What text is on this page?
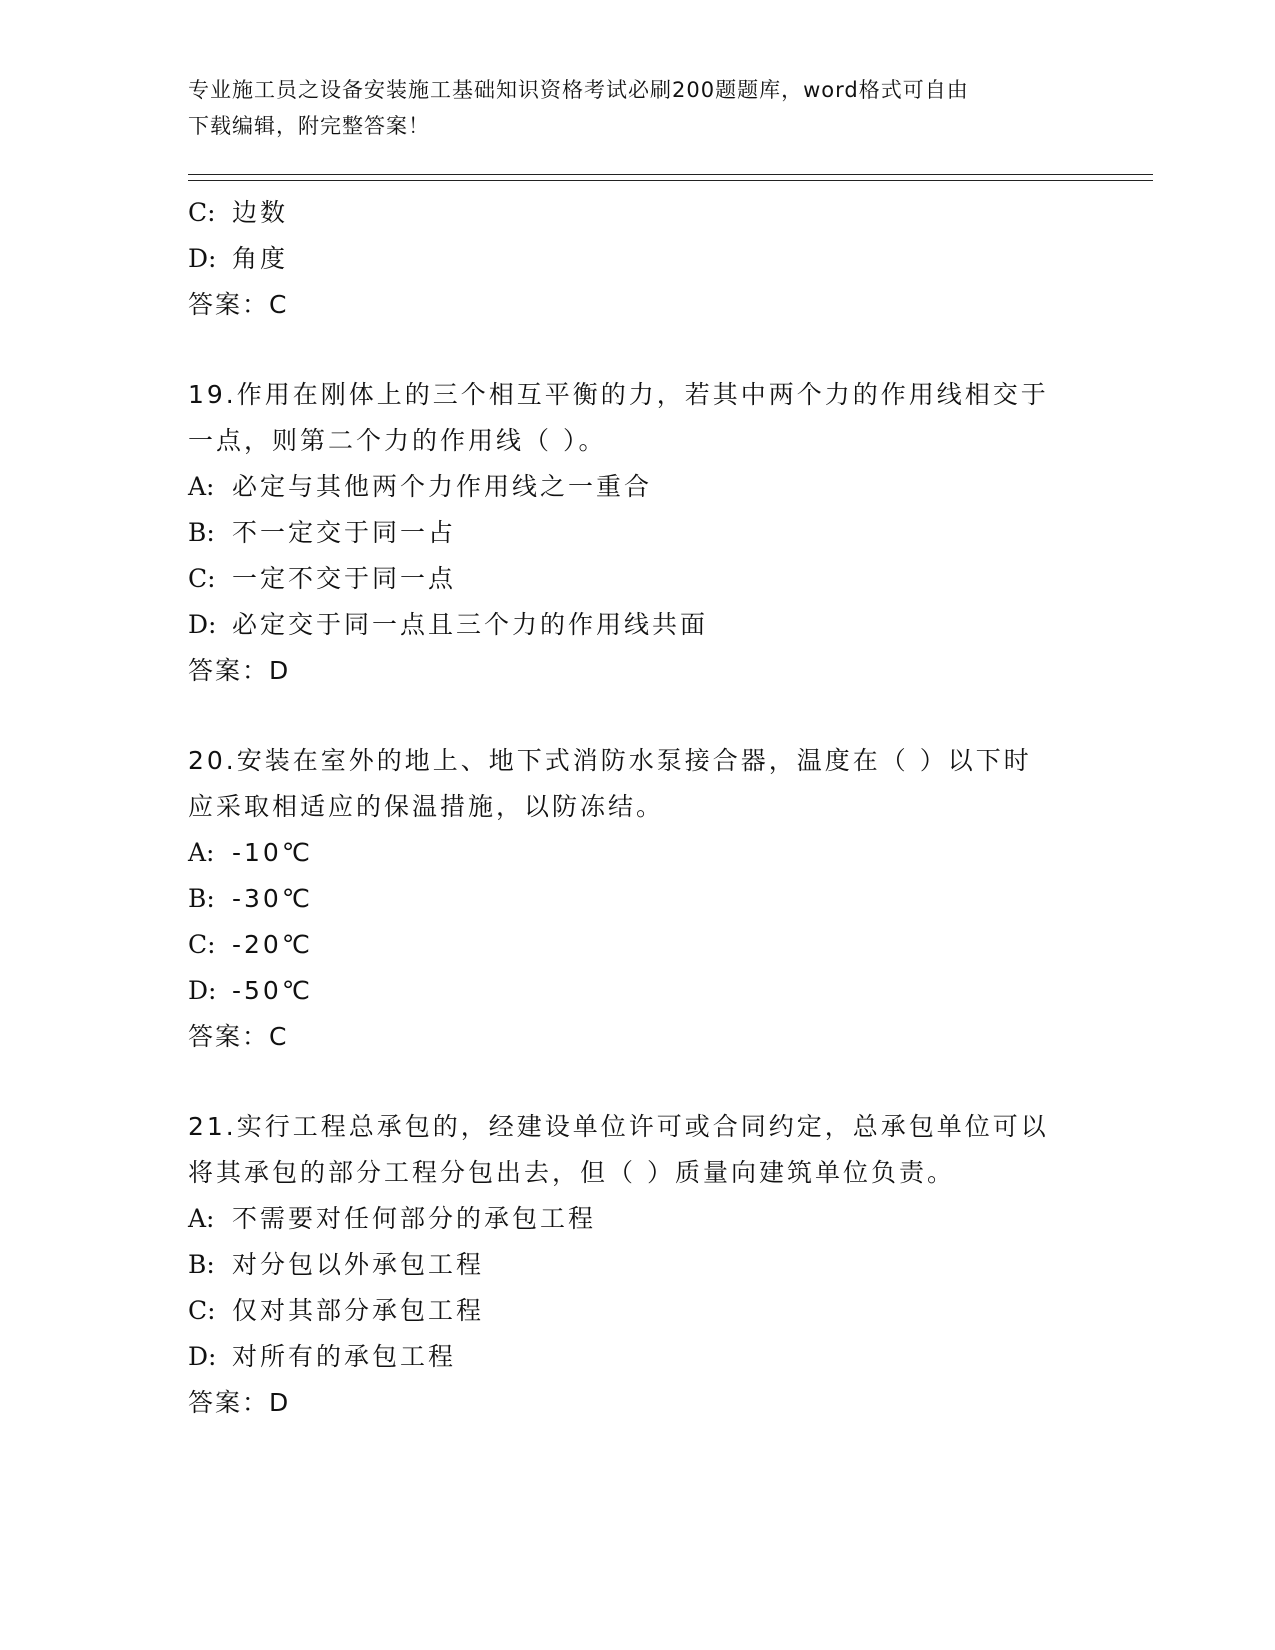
专业施工员之设备安装施工基础知识资格考试必刷200题题库，word格式可自由
下载编辑，附完整答案！
C: 边数
D: 角度
答案：C
19.作用在刚体上的三个相互平衡的力，若其中两个力的作用线相交于
一点，则第二个力的作用线（ ）。
A: 必定与其他两个力作用线之一重合
B: 不一定交于同一占
C: 一定不交于同一点
D: 必定交于同一点且三个力的作用线共面
答案：D
20.安装在室外的地上、地下式消防水泵接合器，温度在（ ）以下时
应采取相适应的保温措施，以防冻结。
A: -10℃
B: -30℃
C: -20℃
D: -50℃
答案：C
21.实行工程总承包的，经建设单位许可或合同约定，总承包单位可以
将其承包的部分工程分包出去，但（ ）质量向建筑单位负责。
A: 不需要对任何部分的承包工程
B: 对分包以外承包工程
C: 仅对其部分承包工程
D: 对所有的承包工程
答案：D
